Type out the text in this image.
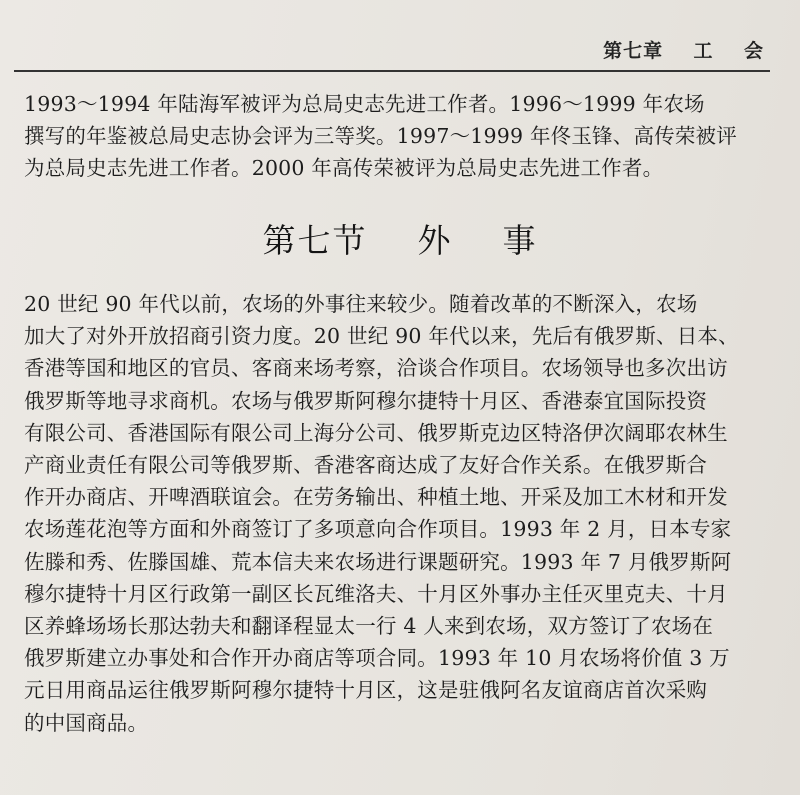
第七章    工    会
1993～1994 年陆海军被评为总局史志先进工作者。1996～1999 年农场
撰写的年鉴被总局史志协会评为三等奖。1997～1999 年佟玉锋、高传荣被评
为总局史志先进工作者。2000 年高传荣被评为总局史志先进工作者。
第七节    外    事
20 世纪 90 年代以前，农场的外事往来较少。随着改革的不断深入，农场
加大了对外开放招商引资力度。20 世纪 90 年代以来，先后有俄罗斯、日本、
香港等国和地区的官员、客商来场考察，洽谈合作项目。农场领导也多次出访
俄罗斯等地寻求商机。农场与俄罗斯阿穆尔捷特十月区、香港泰宜国际投资
有限公司、香港国际有限公司上海分公司、俄罗斯克边区特洛伊次阔耶农林生
产商业责任有限公司等俄罗斯、香港客商达成了友好合作关系。在俄罗斯合
作开办商店、开啤酒联谊会。在劳务输出、种植土地、开采及加工木材和开发
农场莲花泡等方面和外商签订了多项意向合作项目。1993 年 2 月，日本专家
佐滕和秀、佐滕国雄、荒本信夫来农场进行课题研究。1993 年 7 月俄罗斯阿
穆尔捷特十月区行政第一副区长瓦维洛夫、十月区外事办主任灭里克夫、十月
区养蜂场场长那达勃夫和翻译程显太一行 4 人来到农场，双方签订了农场在
俄罗斯建立办事处和合作开办商店等项合同。1993 年 10 月农场将价值 3 万
元日用商品运往俄罗斯阿穆尔捷特十月区，这是驻俄阿名友谊商店首次采购
的中国商品。
